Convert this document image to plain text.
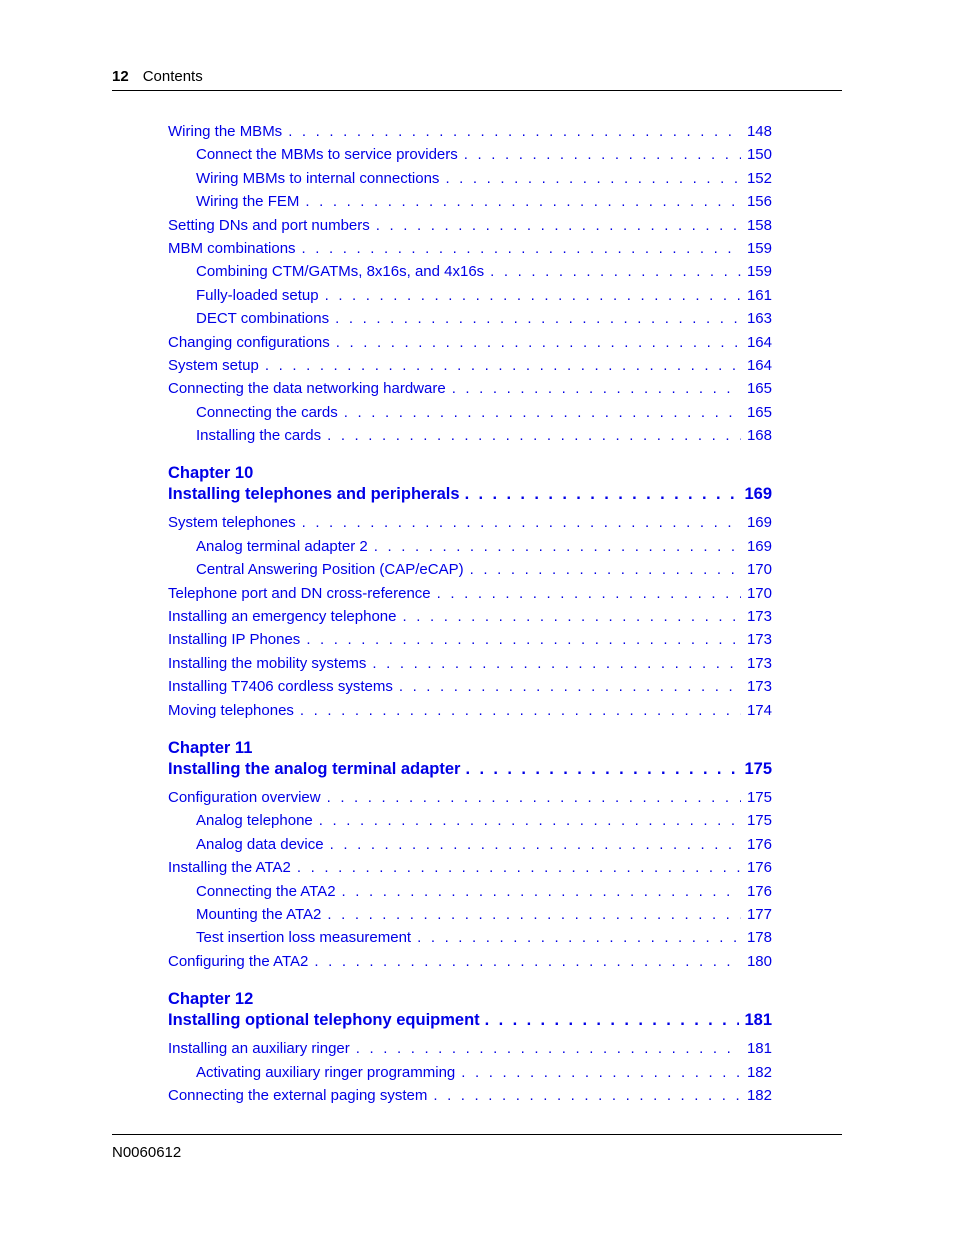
12 Contents
Wiring the MBMs . . .	148
Connect the MBMs to service providers . . .	150
Wiring MBMs to internal connections . . .	152
Wiring the FEM . . .	156
Setting DNs and port numbers . . .	158
MBM combinations . . .	159
Combining CTM/GATMs, 8x16s, and 4x16s . . .	159
Fully-loaded setup . . .	161
DECT combinations . . .	163
Changing configurations . . .	164
System setup . . .	164
Connecting the data networking hardware . . .	165
Connecting the cards . . .	165
Installing the cards . . .	168
Chapter 10
Installing telephones and peripherals . . .	169
System telephones . . .	169
Analog terminal adapter 2 . . .	169
Central Answering Position (CAP/eCAP) . . .	170
Telephone port and DN cross-reference . . .	170
Installing an emergency telephone . . .	173
Installing IP Phones . . .	173
Installing the mobility systems . . .	173
Installing T7406 cordless systems . . .	173
Moving telephones . . .	174
Chapter 11
Installing the analog terminal adapter . . .	175
Configuration overview . . .	175
Analog telephone . . .	175
Analog data device . . .	176
Installing the ATA2 . . .	176
Connecting the ATA2 . . .	176
Mounting the ATA2 . . .	177
Test insertion loss measurement . . .	178
Configuring the ATA2 . . .	180
Chapter 12
Installing optional telephony equipment . . .	181
Installing an auxiliary ringer . . .	181
Activating auxiliary ringer programming . . .	182
Connecting the external paging system . . .	182
N0060612
